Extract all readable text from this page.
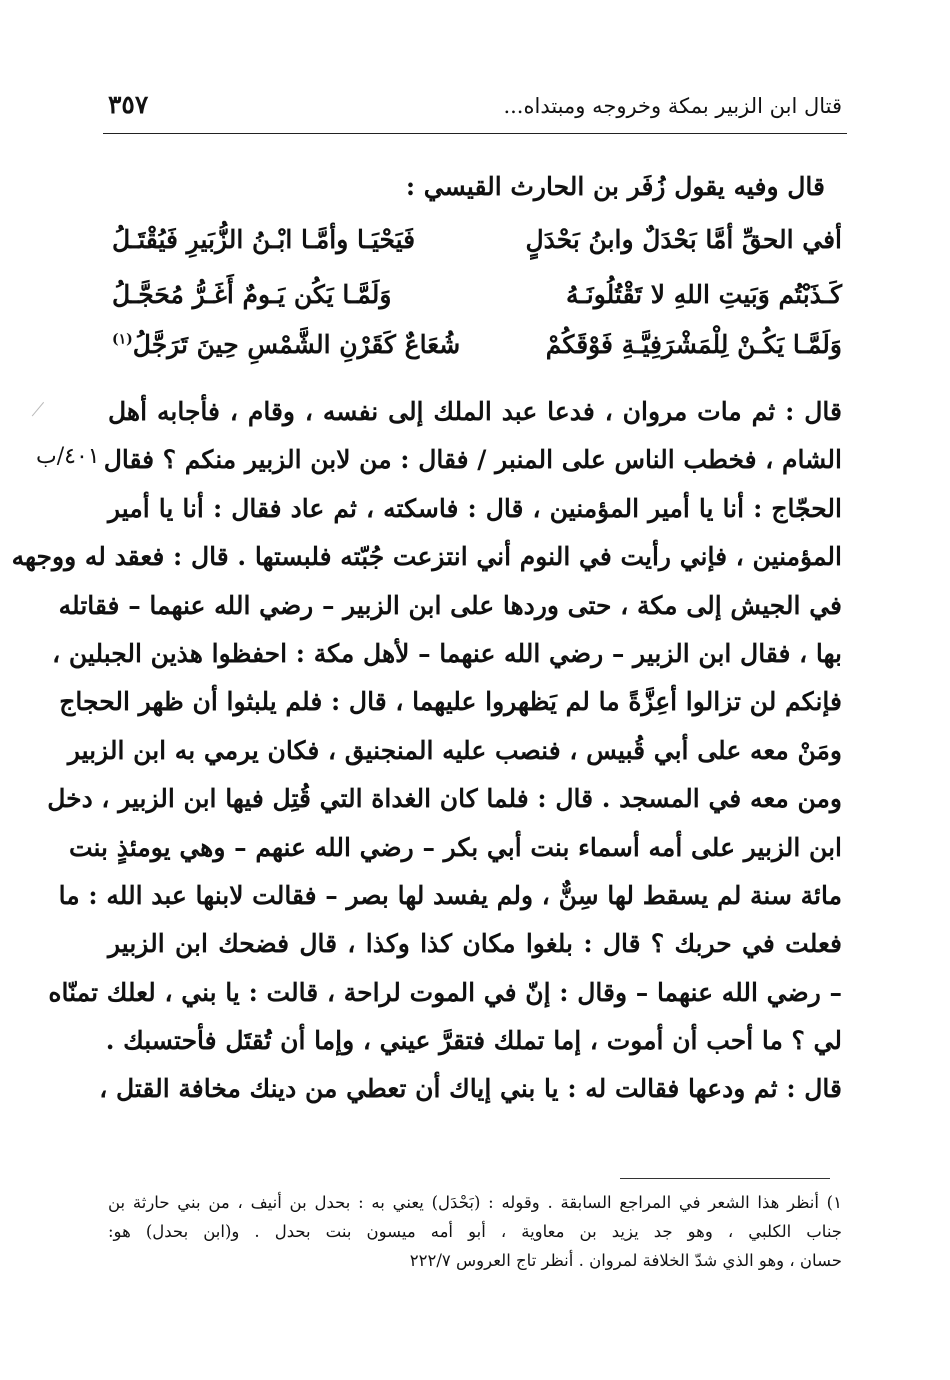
قتال ابن الزبير بمكة وخروجه ومبتداه...
٣٥٧
قال وفيه يقول زُفَر بن الحارث القيسي :
أفي الحقِّ أمَّا بَحْدَلٌ وابنُ بَحْدَلٍ
فَيَحْيَـا وأمَّـا ابْـنُ الزُّبَيرِ فَيُقْتَـلُ
كَـذَبْتُم وَبَيتِ اللهِ لا تَقْتُلُونَـهُ
وَلَمَّـا يَكُن يَـومٌ أَغَـرُّ مُحَجَّـلُ
وَلَمَّـا يَكُـنْ لِلْمَشْرَفِيَّـةِ فَوْقَكُمْ
شُعَاعٌ كَقَرْنِ الشَّمْسِ حِينَ تَرَجَّلُ$^{(١)}$
٤٠١/ب
قال : ثم مات مروان ، فدعا عبد الملك إلى نفسه ، وقام ، فأجابه أهل
الشام ، فخطب الناس على المنبر / فقال : من لابن الزبير منكم ؟ فقال
الحجّاج : أنا يا أمير المؤمنين ، قال : فاسكته ، ثم عاد فقال : أنا يا أمير
المؤمنين ، فإني رأيت في النوم أني انتزعت جُبّته فلبستها . قال : فعقد له ووجهه
في الجيش إلى مكة ، حتى وردها على ابن الزبير – رضي الله عنهما – فقاتله
بها ، فقال ابن الزبير – رضي الله عنهما – لأهل مكة : احفظوا هذين الجبلين ،
فإنكم لن تزالوا أعِزَّةً ما لم يَظهروا عليهما ، قال : فلم يلبثوا أن ظهر الحجاج
ومَنْ معه على أبي قُبيس ، فنصب عليه المنجنيق ، فكان يرمي به ابن الزبير
ومن معه في المسجد . قال : فلما كان الغداة التي قُتِل فيها ابن الزبير ، دخل
ابن الزبير على أمه أسماء بنت أبي بكر – رضي الله عنهم – وهي يومئذٍ بنت
مائة سنة لم يسقط لها سِنٌّ ، ولم يفسد لها بصر – فقالت لابنها عبد الله : ما
فعلت في حربك ؟ قال : بلغوا مكان كذا وكذا ، قال فضحك ابن الزبير
– رضي الله عنهما – وقال : إنّ في الموت لراحة ، قالت : يا بني ، لعلك تمنّاه
لي ؟ ما أحب أن أموت ، إما تملك فتقرَّ عيني ، وإما أن تُقتَل فأحتسبك .
قال : ثم ودعها فقالت له : يا بني إياك أن تعطي من دينك مخافة القتل ،
١) أنظر هذا الشعر في المراجع السابقة . وقوله : (بَحْدَل) يعني به : بحدل بن أنيف ، من بني حارثة بن
جناب الكلبي ، وهو جد يزيد بن معاوية ، أبو أمه ميسون بنت بحدل . و(ابن بحدل) هو:
حسان ، وهو الذي شدّ الخلافة لمروان . أنظر تاج العروس ٢٢٢/٧
